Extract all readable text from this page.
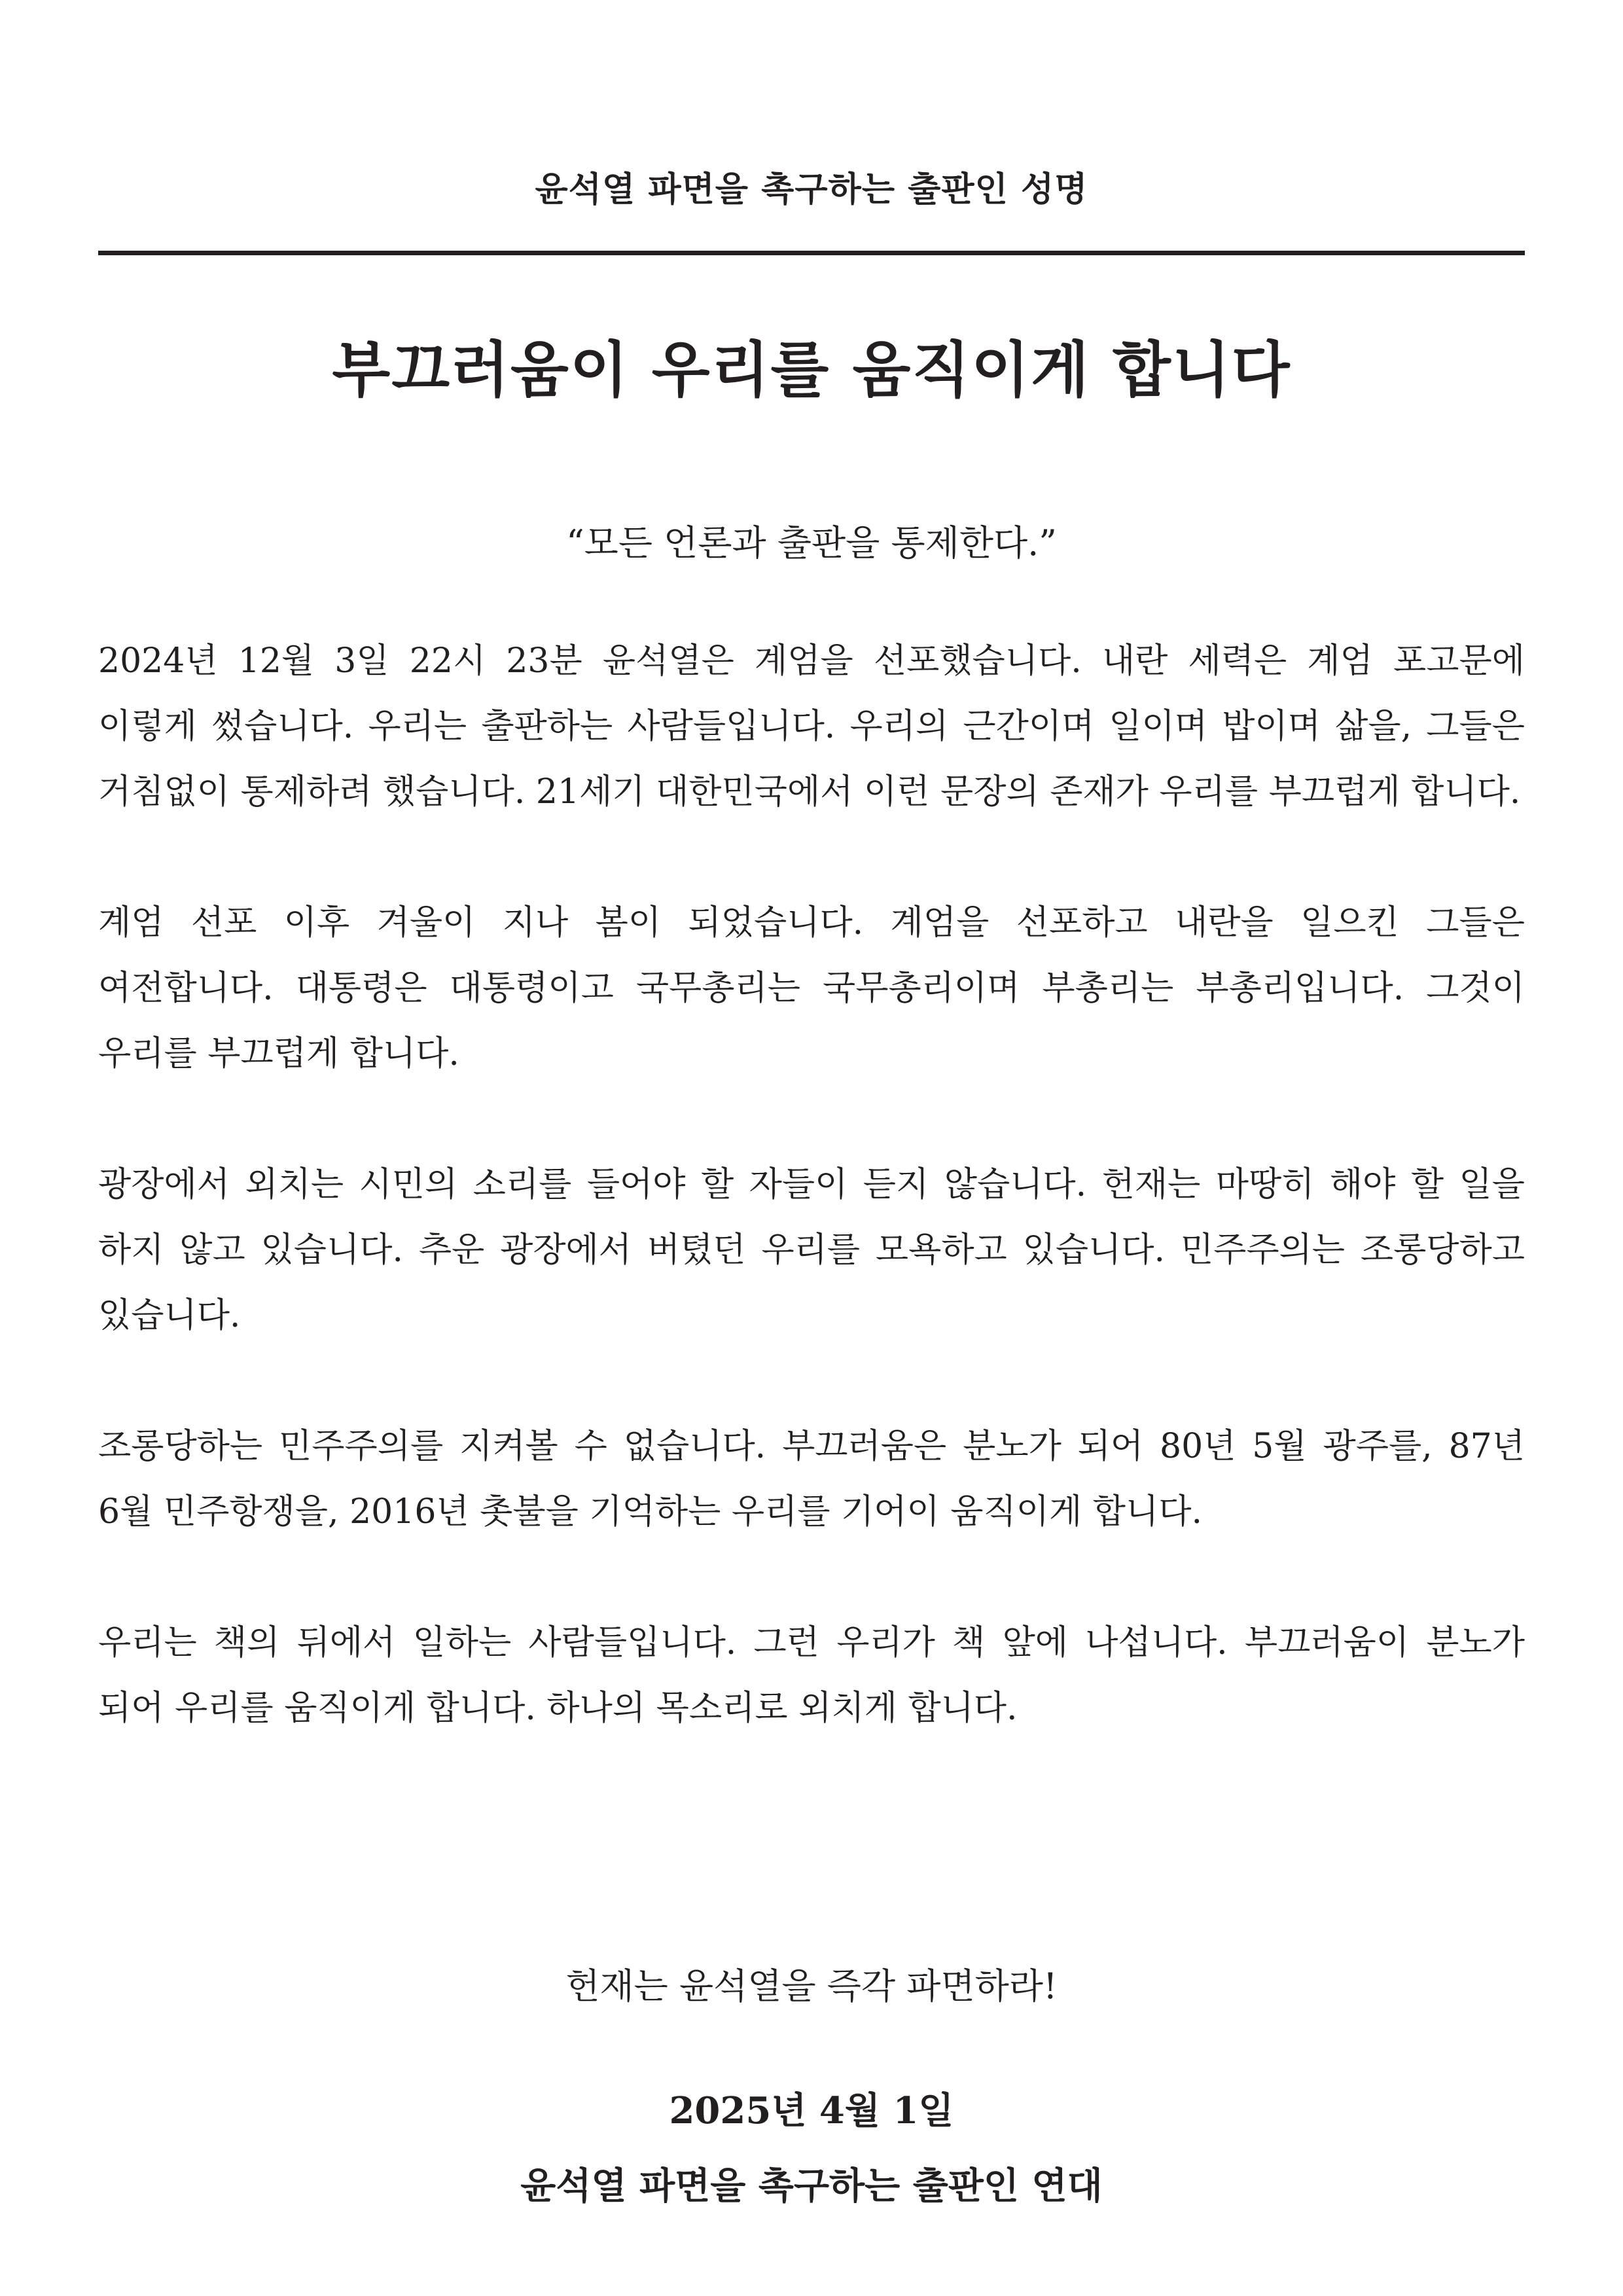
윤석열 파면을 촉구하는 출판인 성명
부끄러움이 우리를 움직이게 합니다
“모든 언론과 출판을 통제한다.”

2024년 12월 3일 22시 23분 윤석열은 계엄을 선포했습니다. 내란 세력은 계엄 포고문에 이렇게 썼습니다. 우리는 출판하는 사람들입니다. 우리의 근간이며 일이며 밥이며 삶을, 그들은 거침없이 통제하려 했습니다. 21세기 대한민국에서 이런 문장의 존재가 우리를 부끄럽게 합니다.

계엄 선포 이후 겨울이 지나 봄이 되었습니다. 계엄을 선포하고 내란을 일으킨 그들은 여전합니다. 대통령은 대통령이고 국무총리는 국무총리이며 부총리는 부총리입니다. 그것이 우리를 부끄럽게 합니다.

광장에서 외치는 시민의 소리를 들어야 할 자들이 듣지 않습니다. 헌재는 마땅히 해야 할 일을 하지 않고 있습니다. 추운 광장에서 버텼던 우리를 모욕하고 있습니다. 민주주의는 조롱당하고 있습니다.

조롱당하는 민주주의를 지켜볼 수 없습니다. 부끄러움은 분노가 되어 80년 5월 광주를, 87년 6월 민주항쟁을, 2016년 촛불을 기억하는 우리를 기어이 움직이게 합니다.

우리는 책의 뒤에서 일하는 사람들입니다. 그런 우리가 책 앞에 나섭니다. 부끄러움이 분노가 되어 우리를 움직이게 합니다. 하나의 목소리로 외치게 합니다.

헌재는 윤석열을 즉각 파면하라!
2025년 4월 1일
윤석열 파면을 촉구하는 출판인 연대
